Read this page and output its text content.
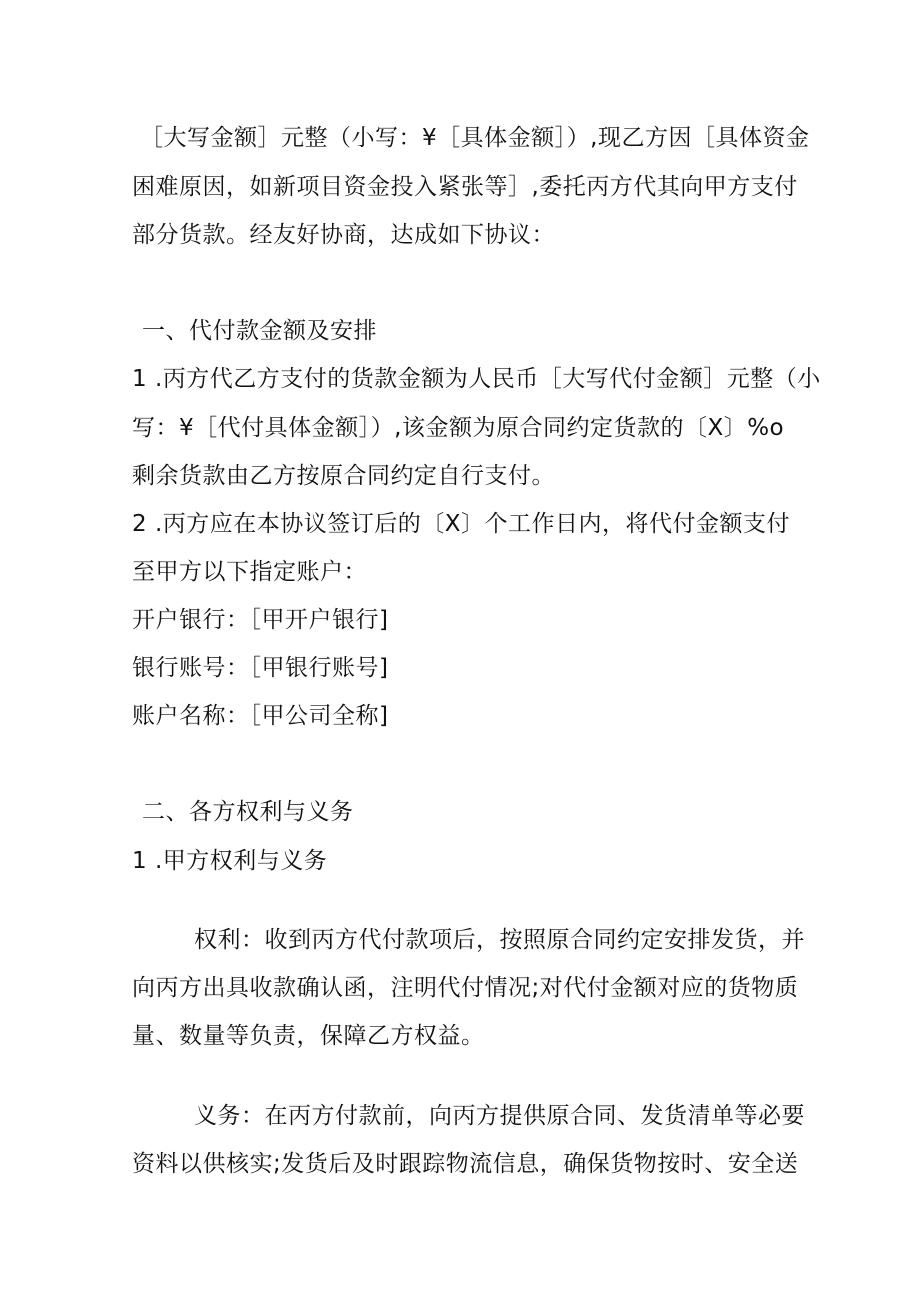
［大写金额］元整（小写：¥［具体金额］）,现乙方因［具体资金
困难原因，如新项目资金投入紧张等］,委托丙方代其向甲方支付
部分货款。经友好协商，达成如下协议：
一、代付款金额及安排
1 .丙方代乙方支付的货款金额为人民币［大写代付金额］元整（小
写：¥［代付具体金额］）,该金额为原合同约定货款的〔X〕%o
剩余货款由乙方按原合同约定自行支付。
2 .丙方应在本协议签订后的〔X〕个工作日内，将代付金额支付
至甲方以下指定账户：
开户银行：［甲开户银行]
银行账号：［甲银行账号]
账户名称：［甲公司全称]
二、各方权利与义务
1 .甲方权利与义务
权利：收到丙方代付款项后，按照原合同约定安排发货，并
向丙方出具收款确认函，注明代付情况;对代付金额对应的货物质
量、数量等负责，保障乙方权益。
义务：在丙方付款前，向丙方提供原合同、发货清单等必要
资料以供核实;发货后及时跟踪物流信息，确保货物按时、安全送
